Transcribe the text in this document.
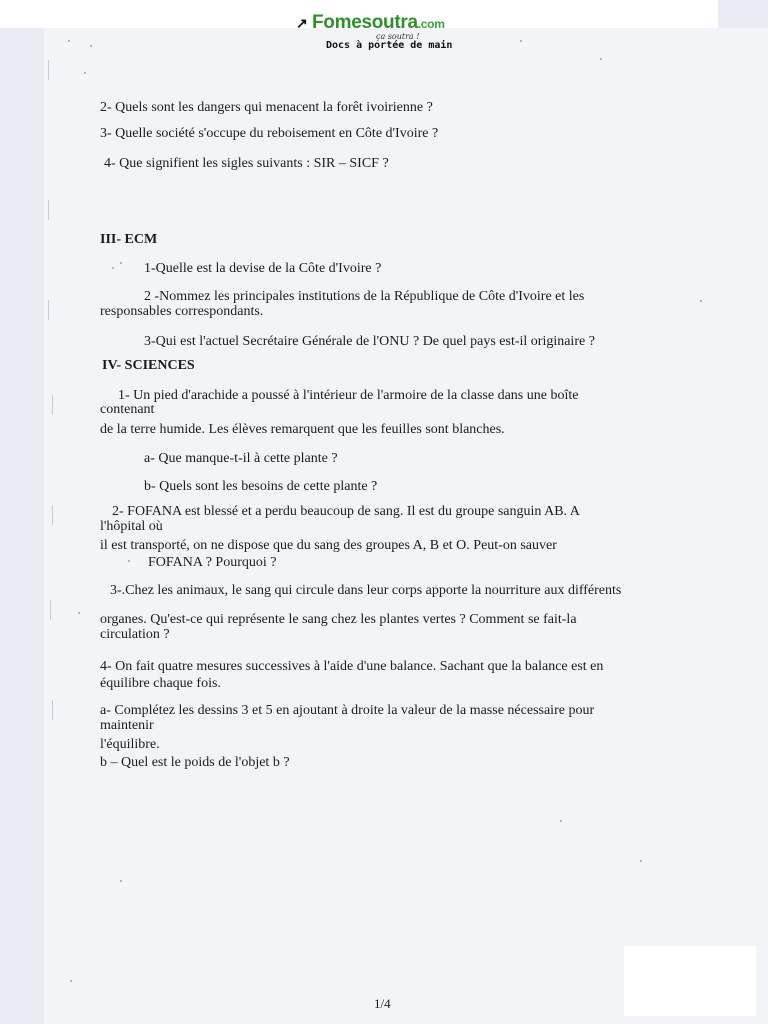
↗ Fomesoutra.com
ça soutra !
Docs à portée de main
2- Quels sont les dangers qui menacent la forêt ivoirienne ?
3- Quelle société s'occupe du reboisement en Côte d'Ivoire ?
4- Que signifient les sigles suivants : SIR – SICF ?
III- ECM
1-Quelle est la devise de la Côte d'Ivoire ?
2 -Nommez les principales institutions de la République de Côte d'Ivoire et les
responsables correspondants.
3-Qui est l'actuel Secrétaire Générale de l'ONU ? De quel pays est-il originaire ?
IV- SCIENCES
1- Un pied d'arachide a poussé à l'intérieur de l'armoire de la classe dans une boîte
contenant
de la terre humide. Les élèves remarquent que les feuilles sont blanches.
a- Que manque-t-il à cette plante ?
b- Quels sont les besoins de cette plante ?
2- FOFANA est blessé et a perdu beaucoup de sang. Il est du groupe sanguin AB. A
l'hôpital où
il est transporté, on ne dispose que du sang des groupes A, B et O. Peut-on sauver
FOFANA ? Pourquoi ?
3-.Chez les animaux, le sang qui circule dans leur corps apporte la nourriture aux différents
organes. Qu'est-ce qui représente le sang chez les plantes vertes ? Comment se fait-la
circulation ?
4- On fait quatre mesures successives à l'aide d'une balance. Sachant que la balance est en
équilibre chaque fois.
a- Complétez les dessins 3 et 5 en ajoutant à droite la valeur de la masse nécessaire pour
maintenir
l'équilibre.
b – Quel est le poids de l'objet b ?
1/4
